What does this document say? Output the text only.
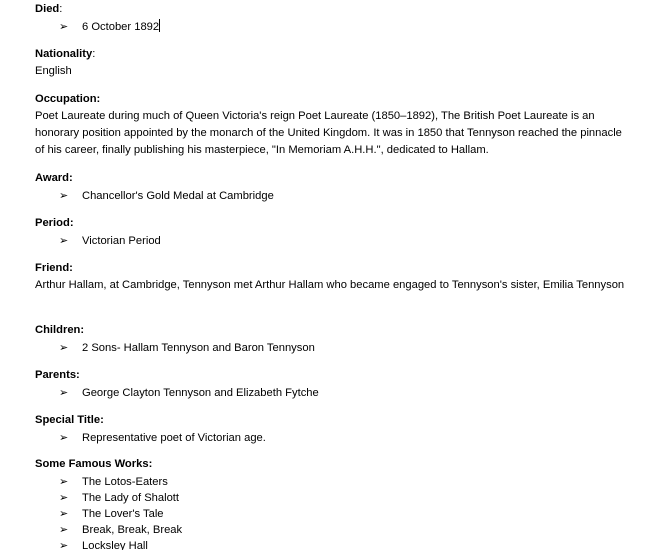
Died:
➢ 6 October 1892
Nationality:
English
Occupation:
Poet Laureate during much of Queen Victoria's reign Poet Laureate (1850–1892), The British Poet Laureate is an honorary position appointed by the monarch of the United Kingdom. It was in 1850 that Tennyson reached the pinnacle of his career, finally publishing his masterpiece, "In Memoriam A.H.H.", dedicated to Hallam.
Award:
➢ Chancellor's Gold Medal at Cambridge
Period:
➢ Victorian Period
Friend:
Arthur Hallam, at Cambridge, Tennyson met Arthur Hallam who became engaged to Tennyson's sister, Emilia Tennyson
Children:
➢ 2 Sons- Hallam Tennyson and Baron Tennyson
Parents:
➢ George Clayton Tennyson and Elizabeth Fytche
Special Title:
➢ Representative poet of Victorian age.
Some Famous Works:
➢ The Lotos-Eaters
➢ The Lady of Shalott
➢ The Lover's Tale
➢ Break, Break, Break
➢ Locksley Hall
